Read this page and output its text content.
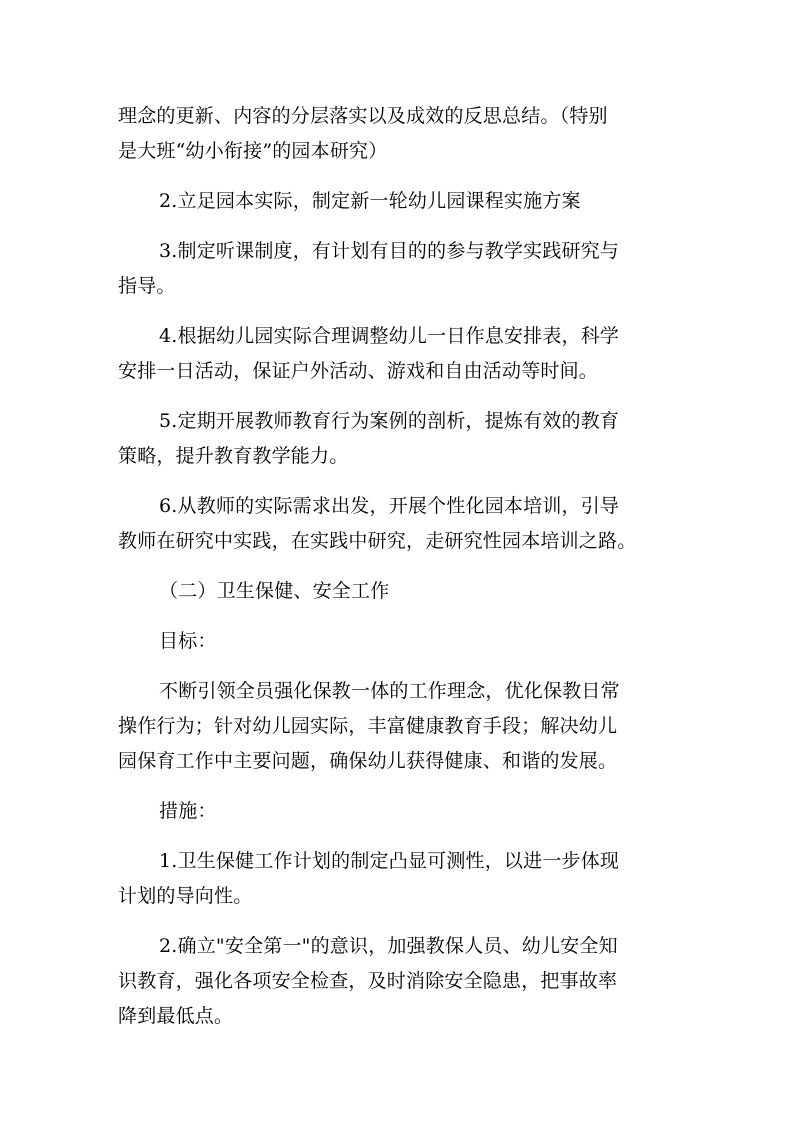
理念的更新、内容的分层落实以及成效的反思总结。（特别
是大班“幼小衔接”的园本研究）
2.立足园本实际，制定新一轮幼儿园课程实施方案
3.制定听课制度，有计划有目的的参与教学实践研究与
指导。
4.根据幼儿园实际合理调整幼儿一日作息安排表，科学
安排一日活动，保证户外活动、游戏和自由活动等时间。
5.定期开展教师教育行为案例的剖析，提炼有效的教育
策略，提升教育教学能力。
6.从教师的实际需求出发，开展个性化园本培训，引导
教师在研究中实践，在实践中研究，走研究性园本培训之路。
（二）卫生保健、安全工作
目标：
不断引领全员强化保教一体的工作理念，优化保教日常
操作行为；针对幼儿园实际，丰富健康教育手段；解决幼儿
园保育工作中主要问题，确保幼儿获得健康、和谐的发展。
措施：
1.卫生保健工作计划的制定凸显可测性，以进一步体现
计划的导向性。
2.确立"安全第一"的意识，加强教保人员、幼儿安全知
识教育，强化各项安全检查，及时消除安全隐患，把事故率
降到最低点。
